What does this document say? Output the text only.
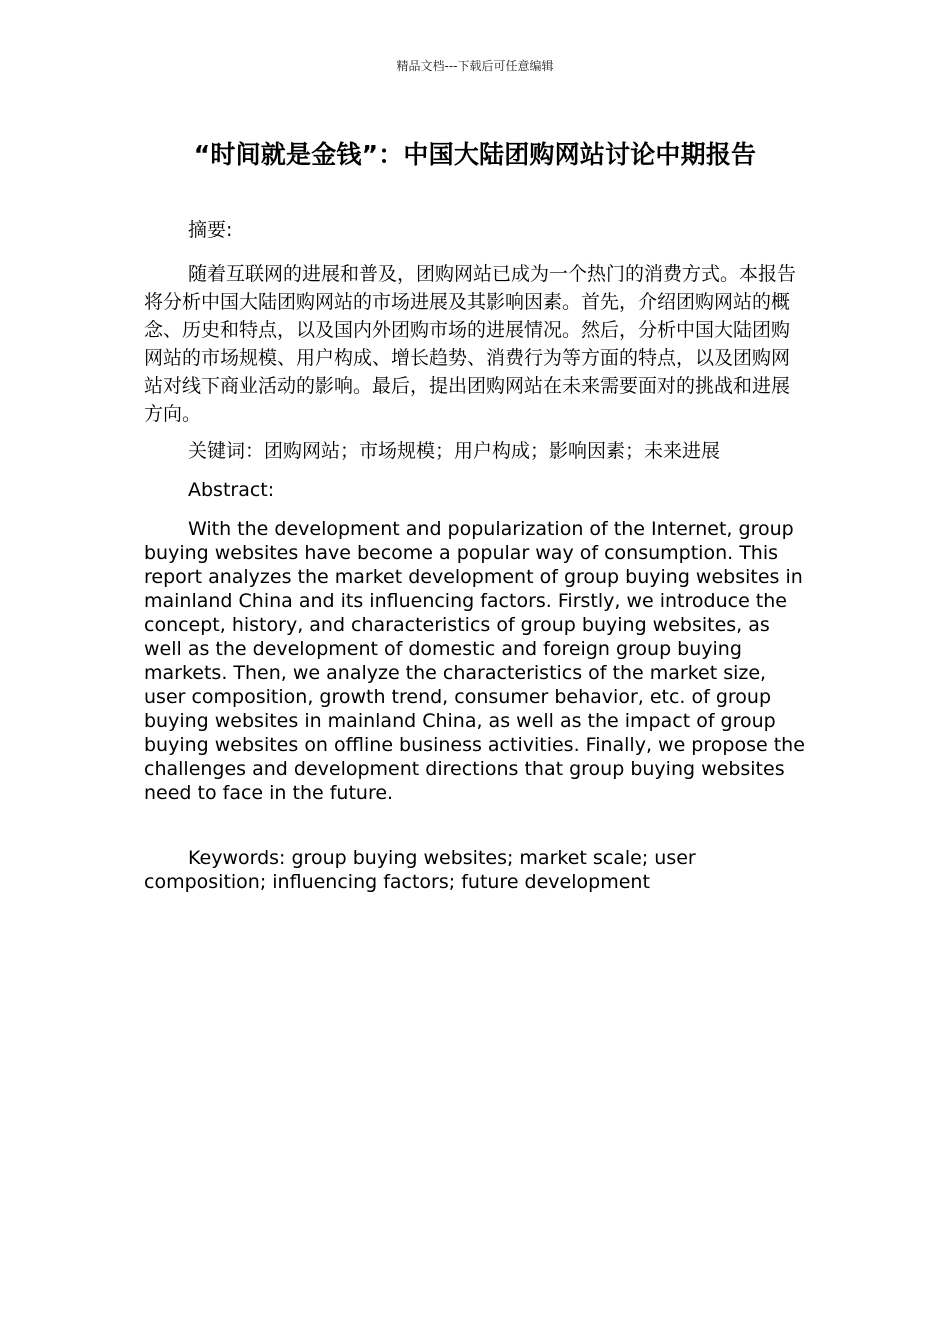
精品文档---下载后可任意编辑
“时间就是金钱”：中国大陆团购网站讨论中期报告

摘要:

随着互联网的进展和普及，团购网站已成为一个热门的消费方式。本报告将分析中国大陆团购网站的市场进展及其影响因素。首先，介绍团购网站的概念、历史和特点，以及国内外团购市场的进展情况。然后，分析中国大陆团购网站的市场规模、用户构成、增长趋势、消费行为等方面的特点，以及团购网站对线下商业活动的影响。最后，提出团购网站在未来需要面对的挑战和进展方向。

关键词：团购网站；市场规模；用户构成；影响因素；未来进展

Abstract:

With the development and popularization of the Internet, group buying websites have become a popular way of consumption. This report analyzes the market development of group buying websites in mainland China and its influencing factors. Firstly, we introduce the concept, history, and characteristics of group buying websites, as well as the development of domestic and foreign group buying markets. Then, we analyze the characteristics of the market size, user composition, growth trend, consumer behavior, etc. of group buying websites in mainland China, as well as the impact of group buying websites on offline business activities. Finally, we propose the challenges and development directions that group buying websites need to face in the future.

Keywords: group buying websites; market scale; user composition; influencing factors; future development
